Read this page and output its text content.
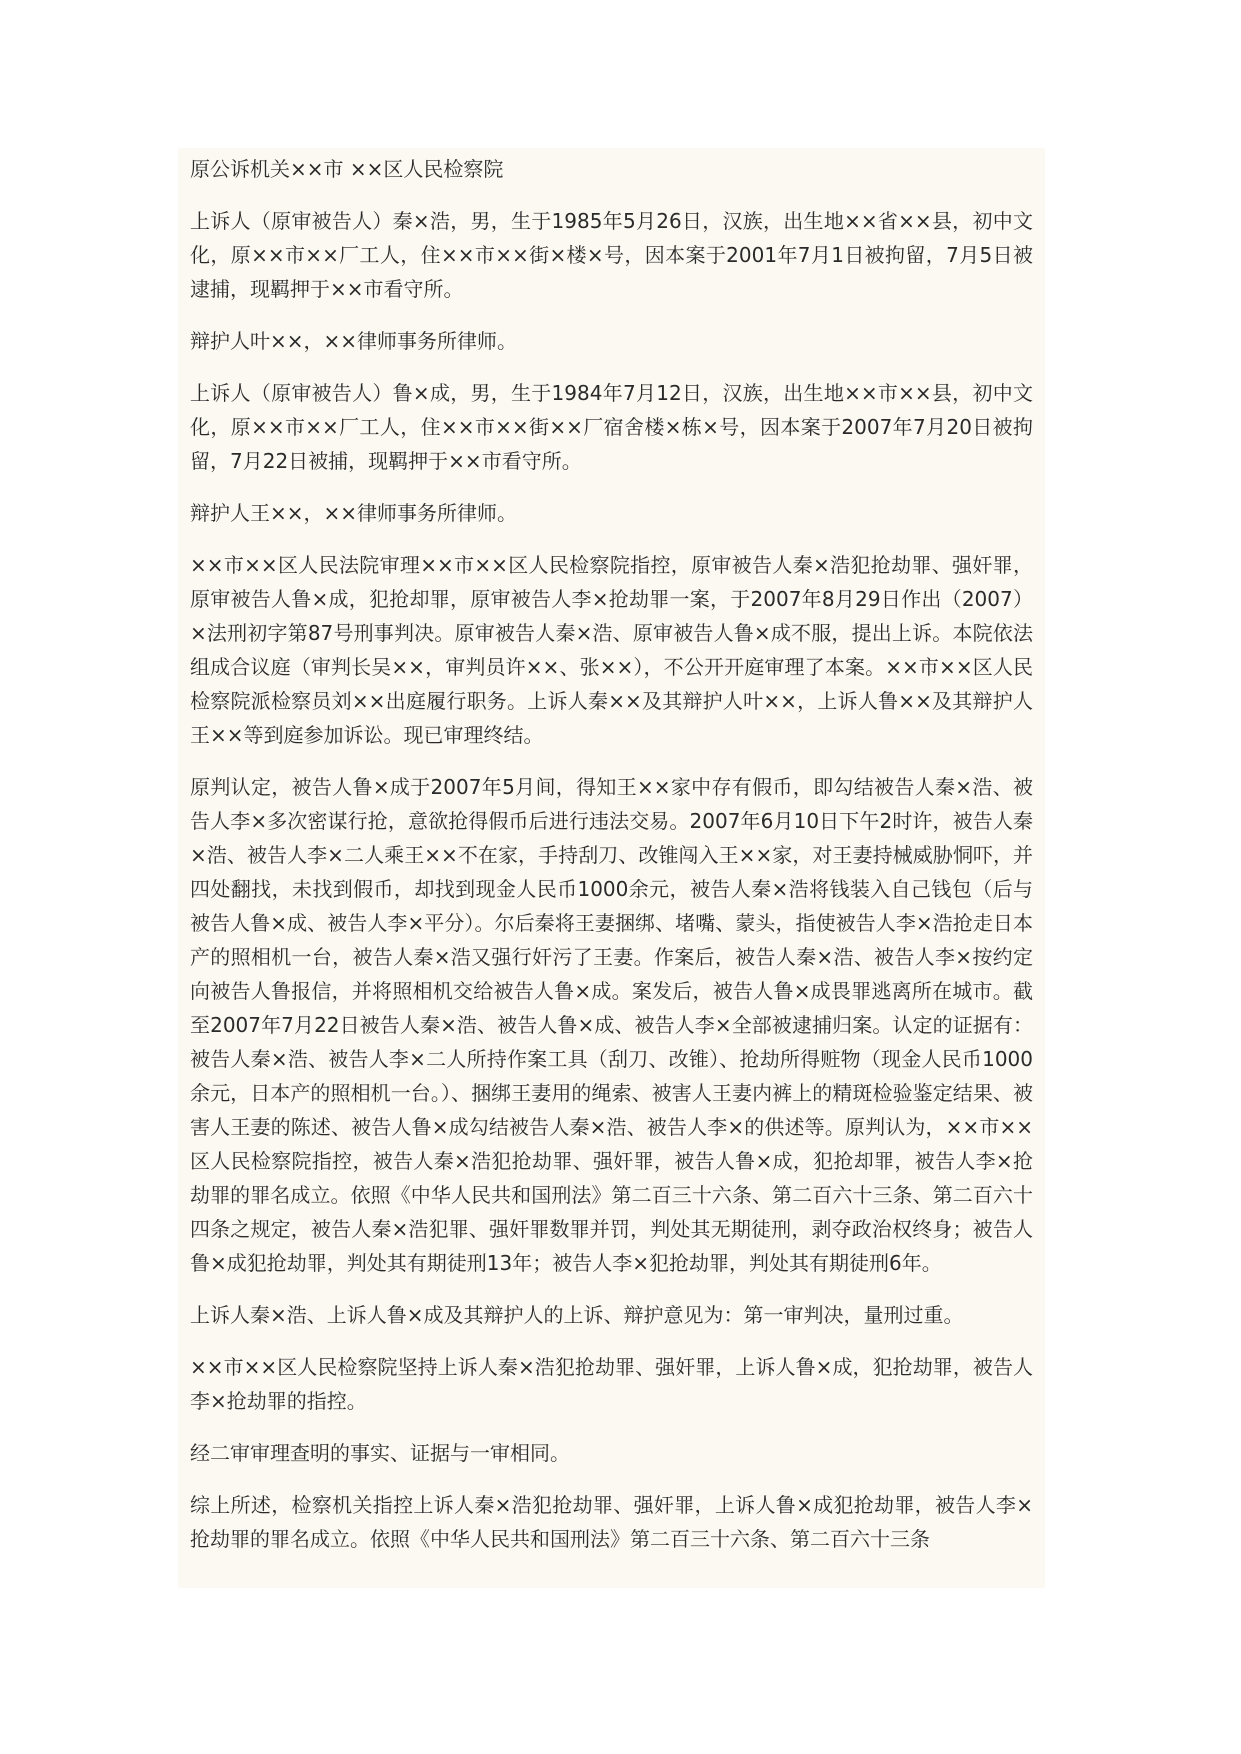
原公诉机关××市 ××区人民检察院

上诉人（原审被告人）秦×浩，男，生于1985年5月26日，汉族，出生地××省××县，初中文化，原××市××厂工人，住××市××街×楼×号，因本案于2001年7月1日被拘留，7月5日被逮捕，现羁押于××市看守所。

辩护人叶××，××律师事务所律师。

上诉人（原审被告人）鲁×成，男，生于1984年7月12日，汉族，出生地××市××县，初中文化，原××市××厂工人，住××市××街××厂宿舍楼×栋×号，因本案于2007年7月20日被拘留，7月22日被捕，现羁押于××市看守所。

辩护人王××，××律师事务所律师。

××市××区人民法院审理××市××区人民检察院指控，原审被告人秦×浩犯抢劫罪、强奸罪，原审被告人鲁×成，犯抢却罪，原审被告人李×抢劫罪一案，于2007年8月29日作出（2007）×法刑初字第87号刑事判决。原审被告人秦×浩、原审被告人鲁×成不服，提出上诉。本院依法组成合议庭（审判长吴××，审判员许××、张××），不公开开庭审理了本案。××市××区人民检察院派检察员刘××出庭履行职务。上诉人秦××及其辩护人叶××，上诉人鲁××及其辩护人王××等到庭参加诉讼。现已审理终结。

原判认定，被告人鲁×成于2007年5月间，得知王××家中存有假币，即勾结被告人秦×浩、被告人李×多次密谋行抢，意欲抢得假币后进行违法交易。2007年6月10日下午2时许，被告人秦×浩、被告人李×二人乘王××不在家，手持刮刀、改锥闯入王××家，对王妻持械威胁恫吓，并四处翻找，未找到假币，却找到现金人民币1000余元，被告人秦×浩将钱装入自己钱包（后与被告人鲁×成、被告人李×平分）。尔后秦将王妻捆绑、堵嘴、蒙头，指使被告人李×浩抢走日本产的照相机一台，被告人秦×浩又强行奸污了王妻。作案后，被告人秦×浩、被告人李×按约定向被告人鲁报信，并将照相机交给被告人鲁×成。案发后，被告人鲁×成畏罪逃离所在城市。截至2007年7月22日被告人秦×浩、被告人鲁×成、被告人李×全部被逮捕归案。认定的证据有：被告人秦×浩、被告人李×二人所持作案工具（刮刀、改锥）、抢劫所得赃物（现金人民币1000余元，日本产的照相机一台。）、捆绑王妻用的绳索、被害人王妻内裤上的精斑检验鉴定结果、被害人王妻的陈述、被告人鲁×成勾结被告人秦×浩、被告人李×的供述等。原判认为，××市××区人民检察院指控，被告人秦×浩犯抢劫罪、强奸罪，被告人鲁×成，犯抢却罪，被告人李×抢劫罪的罪名成立。依照《中华人民共和国刑法》第二百三十六条、第二百六十三条、第二百六十四条之规定，被告人秦×浩犯罪、强奸罪数罪并罚，判处其无期徒刑，剥夺政治权终身；被告人鲁×成犯抢劫罪，判处其有期徒刑13年；被告人李×犯抢劫罪，判处其有期徒刑6年。

上诉人秦×浩、上诉人鲁×成及其辩护人的上诉、辩护意见为：第一审判决，量刑过重。

××市××区人民检察院坚持上诉人秦×浩犯抢劫罪、强奸罪，上诉人鲁×成，犯抢劫罪，被告人李×抢劫罪的指控。

经二审审理查明的事实、证据与一审相同。

综上所述，检察机关指控上诉人秦×浩犯抢劫罪、强奸罪，上诉人鲁×成犯抢劫罪，被告人李×抢劫罪的罪名成立。依照《中华人民共和国刑法》第二百三十六条、第二百六十三条
